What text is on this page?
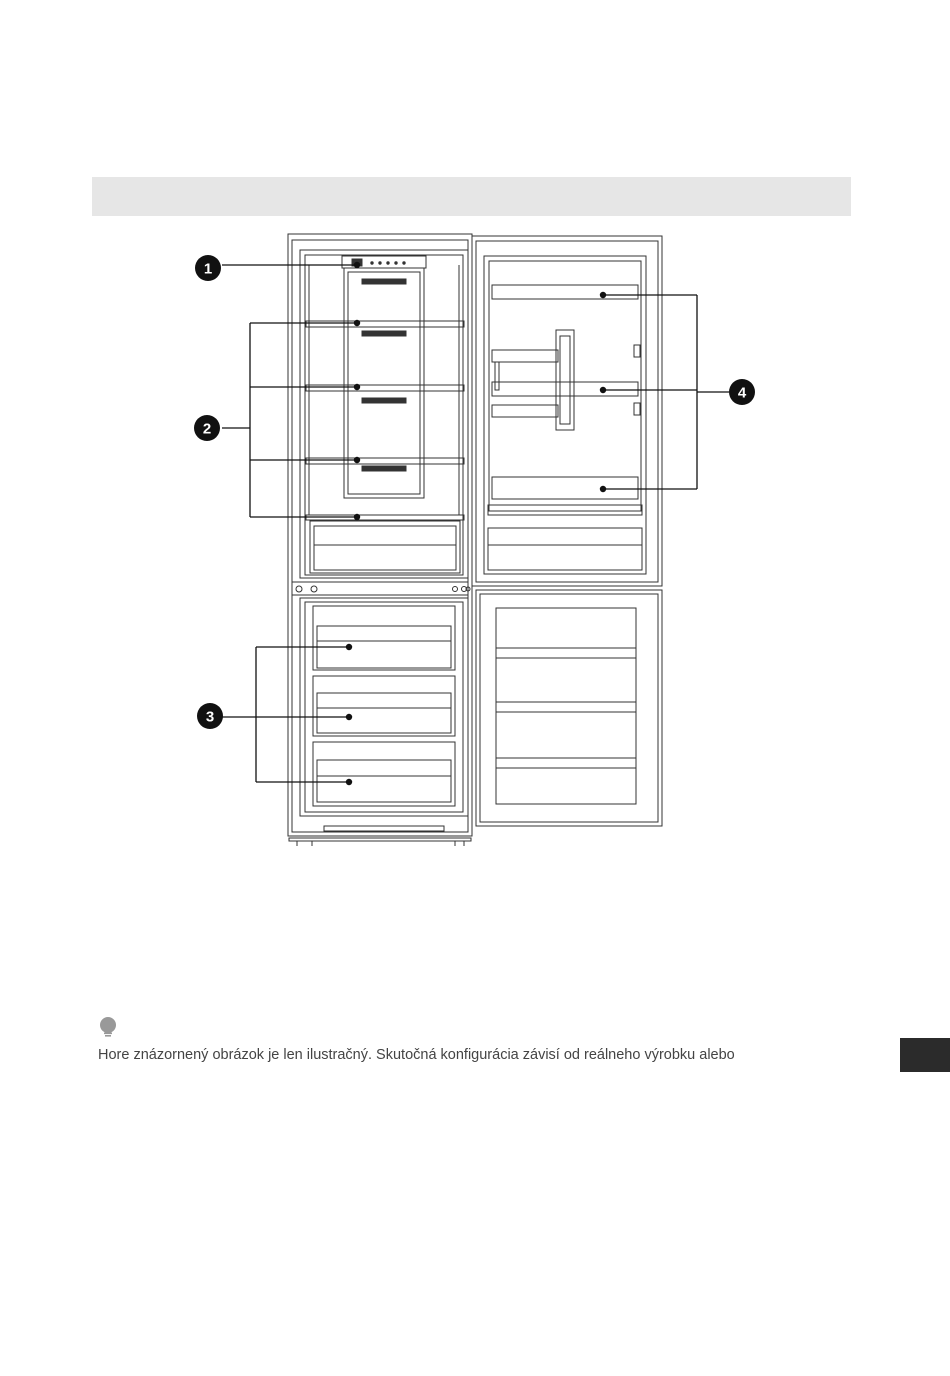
1
2
3
4
Hore znázornený obrázok je len ilustračný. Skutočná konfigurácia závisí od reálneho výrobku alebo
